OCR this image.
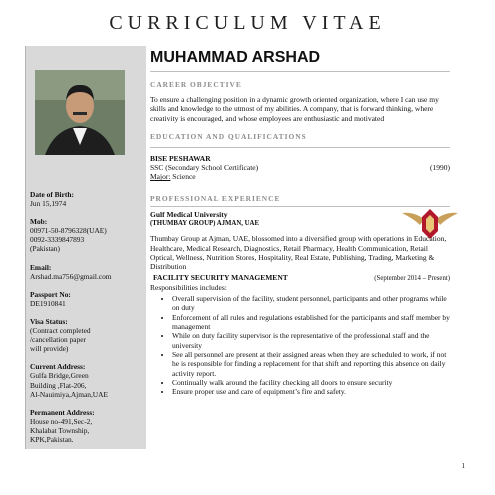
CURRICULUM VITAE
Date of Birth:
Jun 15,1974
Mob:
00971-50-8796328(UAE)
0092-3339847893
(Pakistan)
Email:
Arshad.ma756@gmail.com
Passport No:
DE1910841
Visa Status:
(Contract completed
/cancellation paper
will provide)
Current Address:
Gulfa Bridge,Green
Building ,Flat-206,
Al-Nauimiya,Ajman,UAE
Permanent Address:
House no-491,Sec-2,
Khalabat Township,
KPK,Pakistan.
MUHAMMAD ARSHAD
CAREER OBJECTIVE
To ensure a challenging position in a dynamic growth oriented organization, where I can use my skills and knowledge to the utmost of my abilities. A company, that is forward thinking, where creativity is encouraged, and whose employees are enthusiastic and motivated
EDUCATION AND QUALIFICATIONS
BISE PESHAWAR
SSC (Secondary School Certificate)	(1990)
Major: Science
PROFESSIONAL EXPERIENCE
Gulf Medical University
(THUMBAY GROUP) AJMAN, UAE
Thumbay Group at Ajman, UAE, blossomed into a diversified group with operations in Education, Healthcare, Medical Research, Diagnostics, Retail Pharmacy, Health Communication, Retail Optical, Wellness, Nutrition Stores, Hospitality, Real Estate, Publishing, Trading, Marketing & Distribution
FACILITY SECURITY MANAGEMENT	(September 2014 – Present)
Responsibilities includes:
• Overall supervision of the facility, student personnel, participants and other programs while on duty
• Enforcement of all rules and regulations established for the participants and staff member by management
• While on duty facility supervisor is the representative of the professional staff and the university
• See all personnel are present at their assigned areas when they are scheduled to work, if not he is responsible for finding a replacement for that shift and reporting this absence on daily activity report.
• Continually walk around the facility checking all doors to ensure security
• Ensure proper use and care of equipment’s fire and safety.
1
